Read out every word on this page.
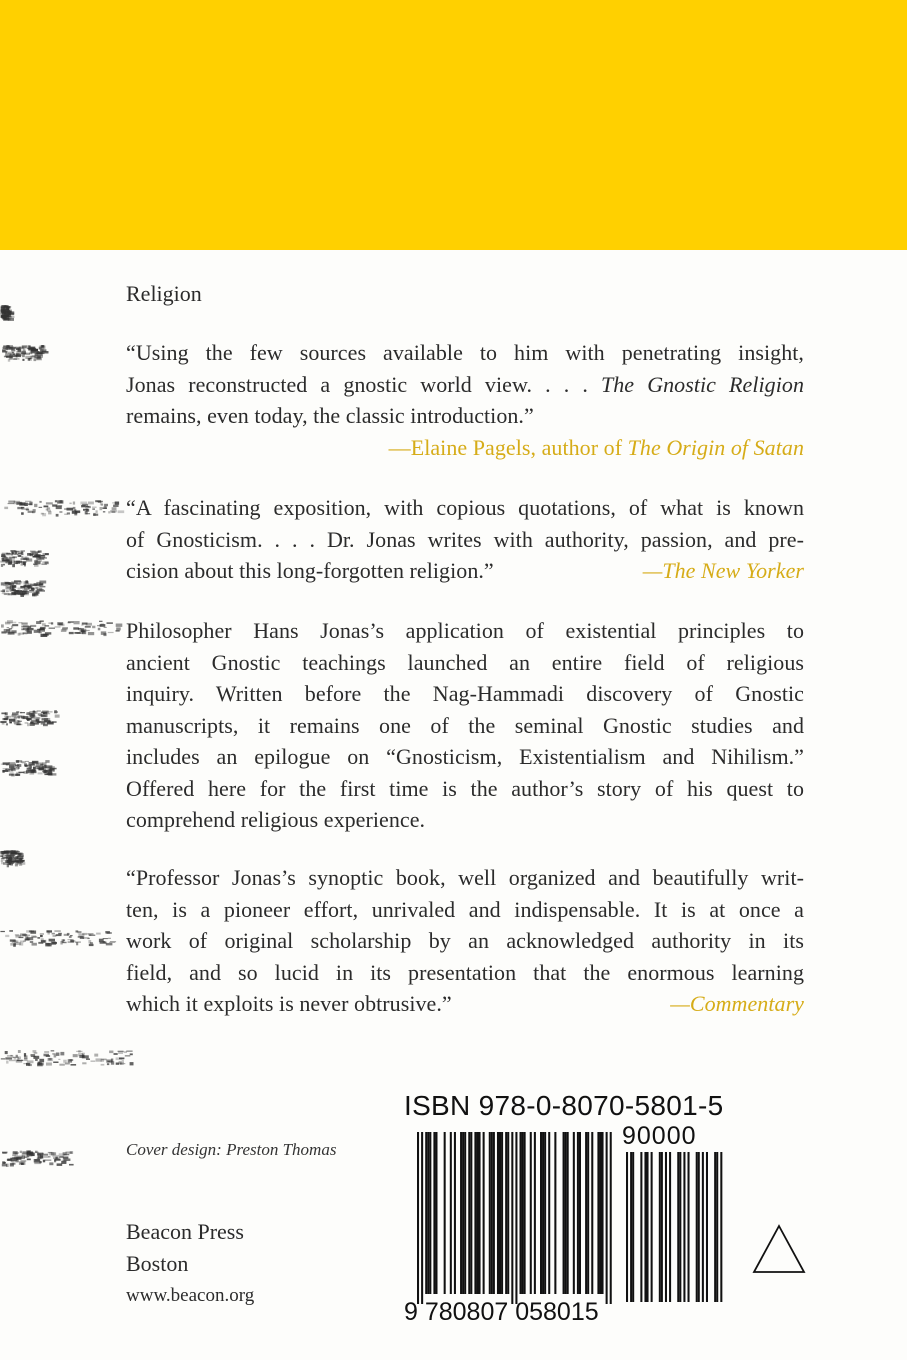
Religion
“Using the few sources available to him with penetrating insight,
Jonas reconstructed a gnostic world view. . . . The Gnostic Religion
remains, even today, the classic introduction.”
—Elaine Pagels, author of The Origin of Satan
“A fascinating exposition, with copious quotations, of what is known
of Gnosticism. . . . Dr. Jonas writes with authority, passion, and pre-
cision about this long-forgotten religion.”	—The New Yorker
Philosopher Hans Jonas’s application of existential principles to
ancient Gnostic teachings launched an entire field of religious
inquiry. Written before the Nag-Hammadi discovery of Gnostic
manuscripts, it remains one of the seminal Gnostic studies and
includes an epilogue on “Gnosticism, Existentialism and Nihilism.”
Offered here for the first time is the author’s story of his quest to
comprehend religious experience.
“Professor Jonas’s synoptic book, well organized and beautifully writ-
ten, is a pioneer effort, unrivaled and indispensable. It is at once a
work of original scholarship by an acknowledged authority in its
field, and so lucid in its presentation that the enormous learning
which it exploits is never obtrusive.”	—Commentary
Cover design: Preston Thomas
Beacon Press
Boston
www.beacon.org
ISBN 978-0-8070-5801-5
90000
9 780807 058015
